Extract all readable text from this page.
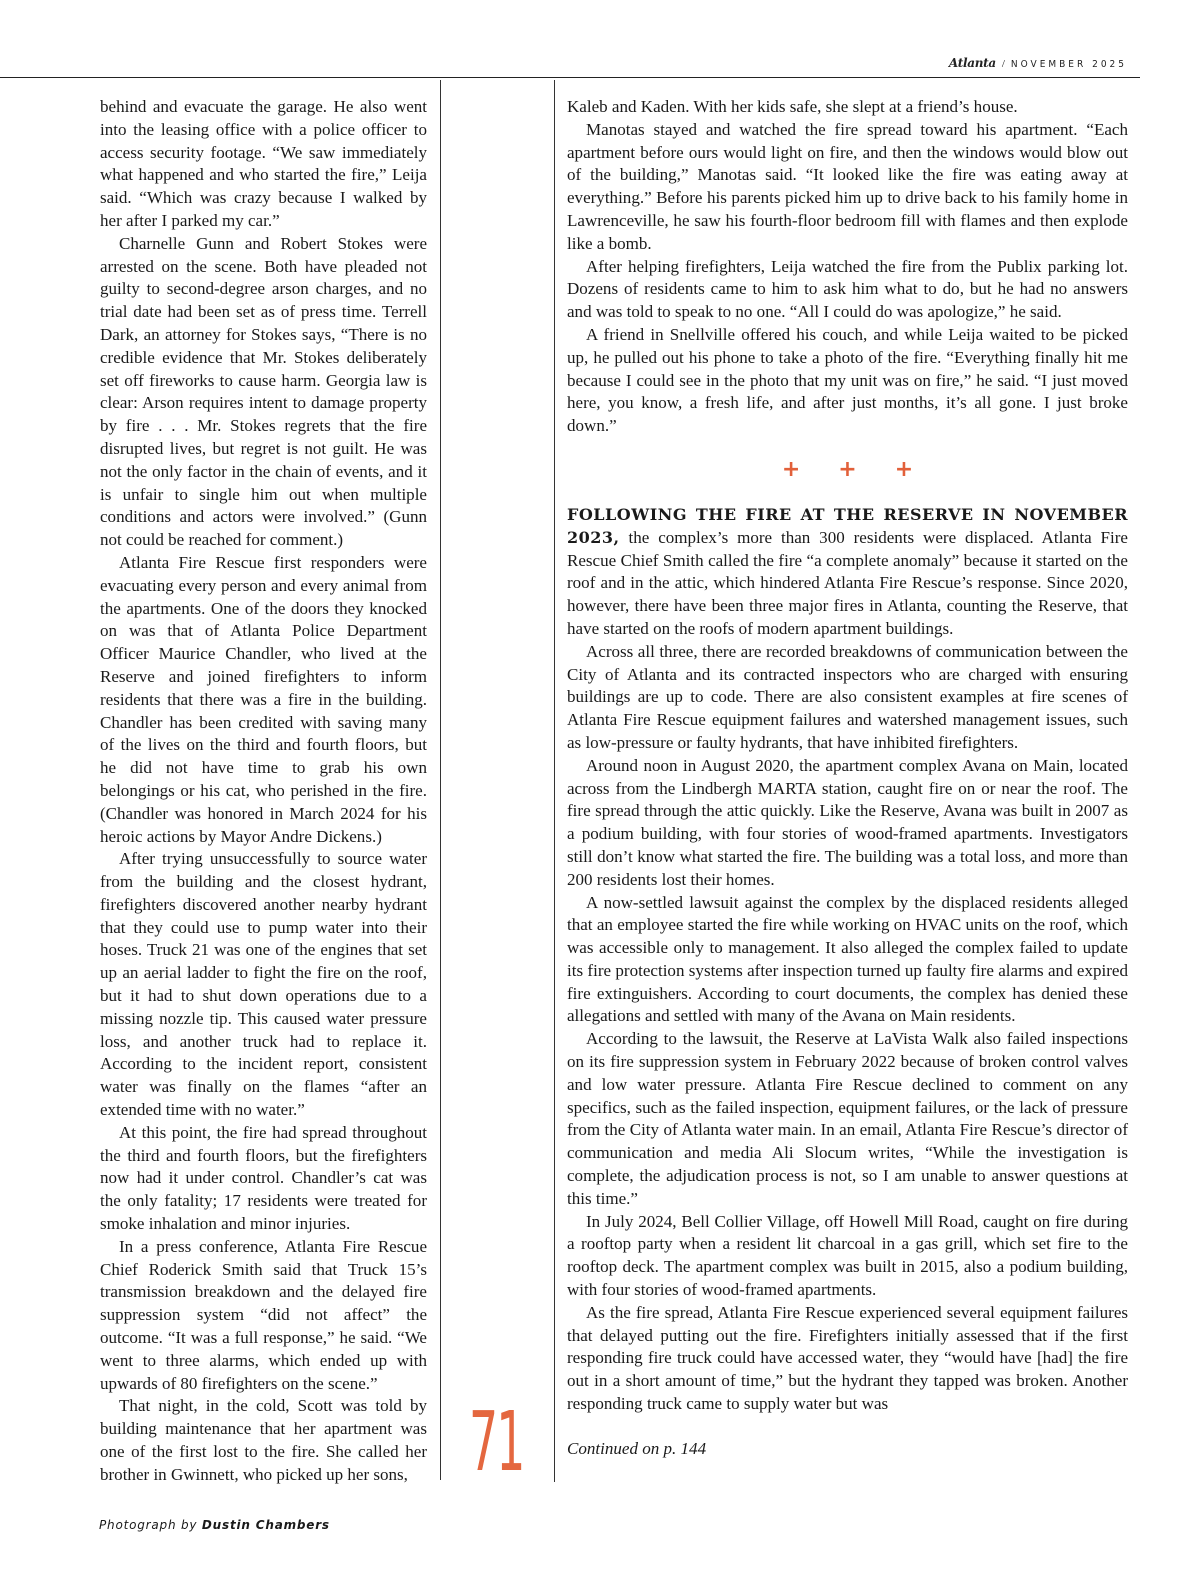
Atlanta / NOVEMBER 2025

behind and evacuate the garage. He also went into the leasing office with a police officer to access security footage. “We saw immediately what happened and who started the fire,” Leija said. “Which was crazy because I walked by her after I parked my car.”

Charnelle Gunn and Robert Stokes were arrested on the scene. Both have pleaded not guilty to second-degree arson charges, and no trial date had been set as of press time. Terrell Dark, an attorney for Stokes says, “There is no credible evidence that Mr. Stokes deliberately set off fireworks to cause harm. Georgia law is clear: Arson requires intent to damage property by fire . . . Mr. Stokes regrets that the fire disrupted lives, but regret is not guilt. He was not the only factor in the chain of events, and it is unfair to single him out when multiple conditions and actors were involved.” (Gunn not could be reached for comment.)

Atlanta Fire Rescue first responders were evacuating every person and every animal from the apartments. One of the doors they knocked on was that of Atlanta Police Department Officer Maurice Chandler, who lived at the Reserve and joined firefighters to inform residents that there was a fire in the building. Chandler has been credited with saving many of the lives on the third and fourth floors, but he did not have time to grab his own belongings or his cat, who perished in the fire. (Chandler was honored in March 2024 for his heroic actions by Mayor Andre Dickens.)

After trying unsuccessfully to source water from the building and the closest hydrant, firefighters discovered another nearby hydrant that they could use to pump water into their hoses. Truck 21 was one of the engines that set up an aerial ladder to fight the fire on the roof, but it had to shut down operations due to a missing nozzle tip. This caused water pressure loss, and another truck had to replace it. According to the incident report, consistent water was finally on the flames “after an extended time with no water.”

At this point, the fire had spread throughout the third and fourth floors, but the firefighters now had it under control. Chandler’s cat was the only fatality; 17 residents were treated for smoke inhalation and minor injuries.

In a press conference, Atlanta Fire Rescue Chief Roderick Smith said that Truck 15’s transmission breakdown and the delayed fire suppression system “did not affect” the outcome. “It was a full response,” he said. “We went to three alarms, which ended up with upwards of 80 firefighters on the scene.”

That night, in the cold, Scott was told by building maintenance that her apartment was one of the first lost to the fire. She called her brother in Gwinnett, who picked up her sons,

Kaleb and Kaden. With her kids safe, she slept at a friend’s house.

Manotas stayed and watched the fire spread toward his apartment. “Each apartment before ours would light on fire, and then the windows would blow out of the building,” Manotas said. “It looked like the fire was eating away at everything.” Before his parents picked him up to drive back to his family home in Lawrenceville, he saw his fourth-floor bedroom fill with flames and then explode like a bomb.

After helping firefighters, Leija watched the fire from the Publix parking lot. Dozens of residents came to him to ask him what to do, but he had no answers and was told to speak to no one. “All I could do was apologize,” he said.

A friend in Snellville offered his couch, and while Leija waited to be picked up, he pulled out his phone to take a photo of the fire. “Everything finally hit me because I could see in the photo that my unit was on fire,” he said. “I just moved here, you know, a fresh life, and after just months, it’s all gone. I just broke down.”

+ + +

FOLLOWING THE FIRE AT THE RESERVE IN NOVEMBER 2023, the complex’s more than 300 residents were displaced. Atlanta Fire Rescue Chief Smith called the fire “a complete anomaly” because it started on the roof and in the attic, which hindered Atlanta Fire Rescue’s response. Since 2020, however, there have been three major fires in Atlanta, counting the Reserve, that have started on the roofs of modern apartment buildings.

Across all three, there are recorded breakdowns of communication between the City of Atlanta and its contracted inspectors who are charged with ensuring buildings are up to code. There are also consistent examples at fire scenes of Atlanta Fire Rescue equipment failures and watershed management issues, such as low-pressure or faulty hydrants, that have inhibited firefighters.

Around noon in August 2020, the apartment complex Avana on Main, located across from the Lindbergh MARTA station, caught fire on or near the roof. The fire spread through the attic quickly. Like the Reserve, Avana was built in 2007 as a podium building, with four stories of wood-framed apartments. Investigators still don’t know what started the fire. The building was a total loss, and more than 200 residents lost their homes.

A now-settled lawsuit against the complex by the displaced residents alleged that an employee started the fire while working on HVAC units on the roof, which was accessible only to management. It also alleged the complex failed to update its fire protection systems after inspection turned up faulty fire alarms and expired fire extinguishers. According to court documents, the complex has denied these allegations and settled with many of the Avana on Main residents.

According to the lawsuit, the Reserve at LaVista Walk also failed inspections on its fire suppression system in February 2022 because of broken control valves and low water pressure. Atlanta Fire Rescue declined to comment on any specifics, such as the failed inspection, equipment failures, or the lack of pressure from the City of Atlanta water main. In an email, Atlanta Fire Rescue’s director of communication and media Ali Slocum writes, “While the investigation is complete, the adjudication process is not, so I am unable to answer questions at this time.”

In July 2024, Bell Collier Village, off Howell Mill Road, caught on fire during a rooftop party when a resident lit charcoal in a gas grill, which set fire to the rooftop deck. The apartment complex was built in 2015, also a podium building, with four stories of wood-framed apartments.

As the fire spread, Atlanta Fire Rescue experienced several equipment failures that delayed putting out the fire. Firefighters initially assessed that if the first responding fire truck could have accessed water, they “would have [had] the fire out in a short amount of time,” but the hydrant they tapped was broken. Another responding truck came to supply water but was

Continued on p. 144

71
Photograph by Dustin Chambers
